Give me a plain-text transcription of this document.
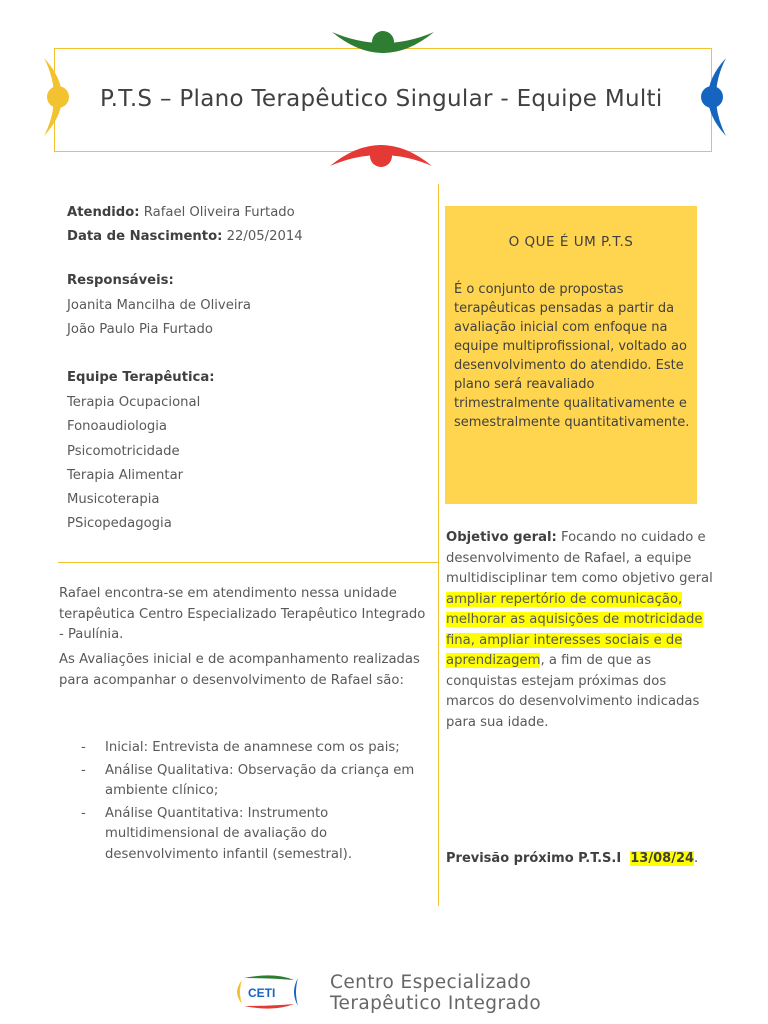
P.T.S – Plano Terapêutico Singular - Equipe Multi
Atendido: Rafael Oliveira Furtado
Data de Nascimento: 22/05/2014
Responsáveis:
Joanita Mancilha de Oliveira
João Paulo Pia Furtado
Equipe Terapêutica:
Terapia Ocupacional
Fonoaudiologia
Psicomotricidade
Terapia Alimentar
Musicoterapia
PSicopedagogia
Rafael encontra-se em atendimento nessa unidade terapêutica Centro Especializado Terapêutico Integrado - Paulínia.
As Avaliações inicial e de acompanhamento realizadas para acompanhar o desenvolvimento de Rafael são:
- Inicial: Entrevista de anamnese com os pais;
- Análise Qualitativa: Observação da criança em ambiente clínico;
- Análise Quantitativa: Instrumento multidimensional de avaliação do desenvolvimento infantil (semestral).
O QUE É UM P.T.S
É o conjunto de propostas terapêuticas pensadas a partir da avaliação inicial com enfoque na equipe multiprofissional, voltado ao desenvolvimento do atendido. Este plano será reavaliado trimestralmente qualitativamente e semestralmente quantitativamente.
Objetivo geral: Focando no cuidado e desenvolvimento de Rafael, a equipe multidisciplinar tem como objetivo geral ampliar repertório de comunicação, melhorar as aquisições de motricidade fina, ampliar interesses sociais e de aprendizagem, a fim de que as conquistas estejam próximas dos marcos do desenvolvimento indicadas para sua idade.
Previsão próximo P.T.S.I 13/08/24.
CETI	Centro Especializado
Terapêutico Integrado
